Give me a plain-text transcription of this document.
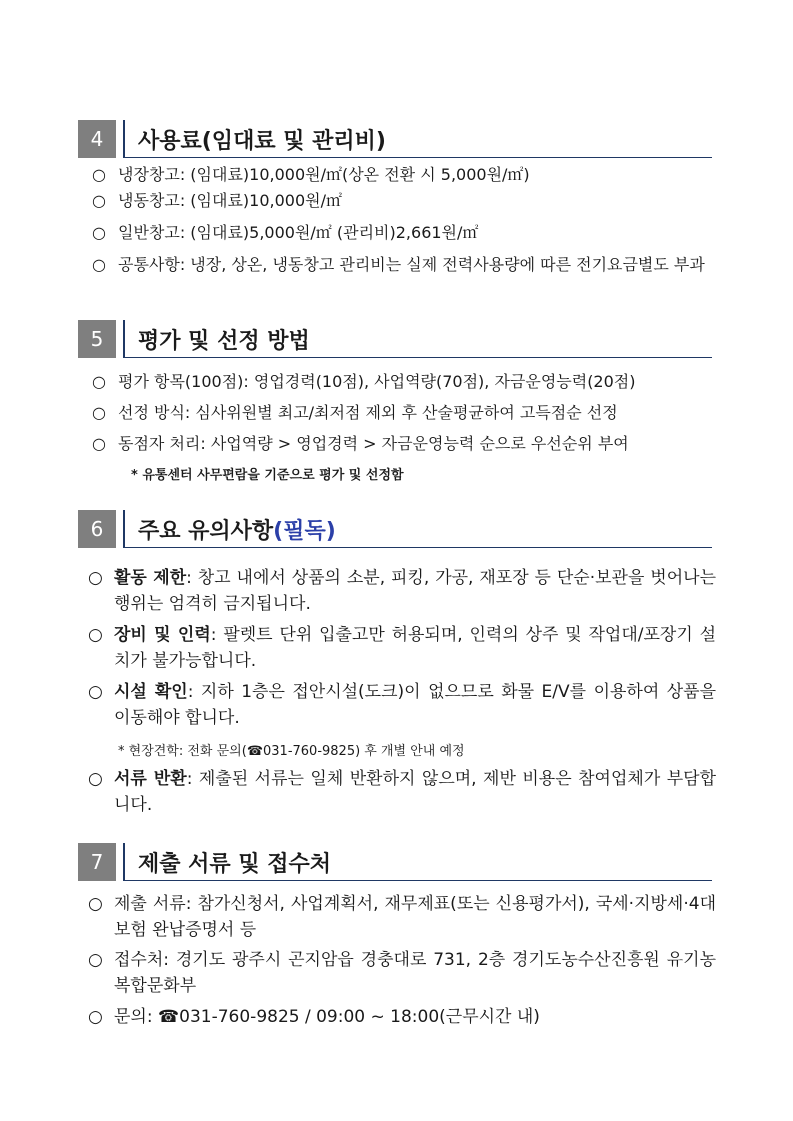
4	사용료(임대료 및 관리비)
○ 냉장창고: (임대료)10,000원/㎡(상온 전환 시 5,000원/㎡)
○ 냉동창고: (임대료)10,000원/㎡
○ 일반창고: (임대료)5,000원/㎡ (관리비)2,661원/㎡
○ 공통사항: 냉장, 상온, 냉동창고 관리비는 실제 전력사용량에 따른 전기요금별도 부과
5	평가 및 선정 방법
○ 평가 항목(100점): 영업경력(10점), 사업역량(70점), 자금운영능력(20점)
○ 선정 방식: 심사위원별 최고/최저점 제외 후 산술평균하여 고득점순 선정
○ 동점자 처리: 사업역량 > 영업경력 > 자금운영능력 순으로 우선순위 부여
* 유통센터 사무편람을 기준으로 평가 및 선정함
6	주요 유의사항(필독)
○ 활동 제한: 창고 내에서 상품의 소분, 피킹, 가공, 재포장 등 단순·보관을 벗어나는 행위는 엄격히 금지됩니다.
○ 장비 및 인력: 팔렛트 단위 입출고만 허용되며, 인력의 상주 및 작업대/포장기 설치가 불가능합니다.
○ 시설 확인: 지하 1층은 접안시설(도크)이 없으므로 화물 E/V를 이용하여 상품을 이동해야 합니다.
* 현장견학: 전화 문의(☎031-760-9825) 후 개별 안내 예정
○ 서류 반환: 제출된 서류는 일체 반환하지 않으며, 제반 비용은 참여업체가 부담합니다.
7	제출 서류 및 접수처
○ 제출 서류: 참가신청서, 사업계획서, 재무제표(또는 신용평가서), 국세·지방세·4대보험 완납증명서 등
○ 접수처: 경기도 광주시 곤지암읍 경충대로 731, 2층 경기도농수산진흥원 유기농복합문화부
○ 문의: ☎031-760-9825 / 09:00 ~ 18:00(근무시간 내)
